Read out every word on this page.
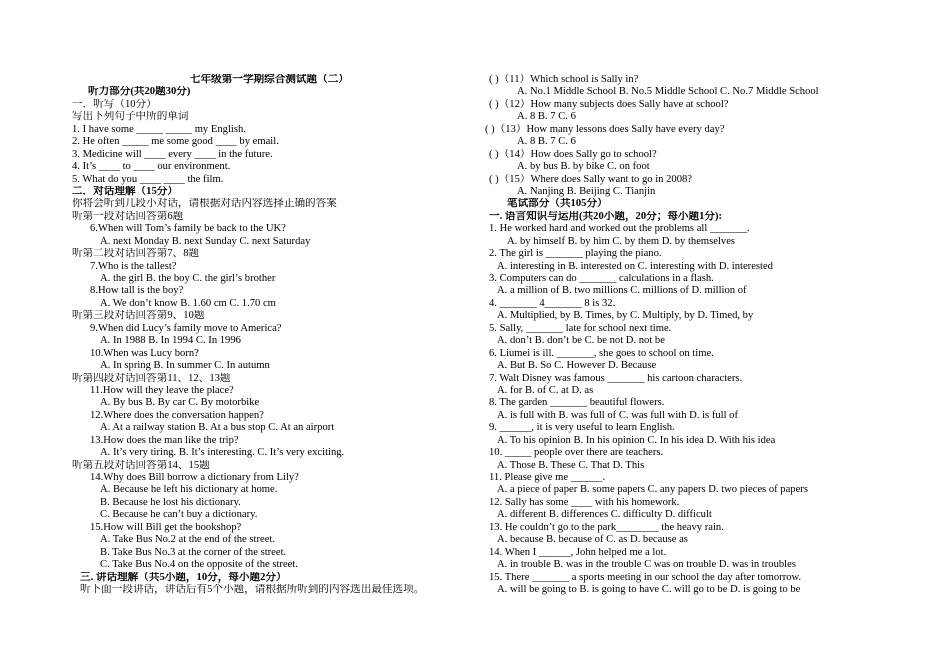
七年级第一学期综合测试题（二）
听力部分(共20题30分)
一．听写（10分）
写出下列句子中所的单词
1. I have some _____ _____ my English.
2. He often _____ me some good ____ by email.
3. Medicine will ____ every ____ in the future.
4. It’s ____ to ____ our environment.
5. What do you ____ ____ the film.
二．对话理解（15分）
你将会听到几段小对话，请根据对话内容选择正确的答案
听第一段对话回答第6题
6.When will Tom’s family be back to the UK?
A. next Monday B. next Sunday C. next Saturday
听第二段对话回答第7、8题
7.Who is the tallest?
A. the girl B. the boy C. the girl’s brother
8.How tall is the boy?
A. We don’t know B. 1.60 cm C. 1.70 cm
听第三段对话回答第9、10题
9.When did Lucy’s family move to America?
A. In 1988 B. In 1994 C. In 1996
10.When was Lucy born?
A. In spring B. In summer C. In autumn
听第四段对话回答第11、12、13题
11.How will they leave the place?
A. By bus B. By car C. By motorbike
12.Where does the conversation happen?
A. At a railway station B. At a bus stop C. At an airport
13.How does the man like the trip?
A. It’s very tiring. B. It’s interesting. C. It’s very exciting.
听第五段对话回答第14、15题
14.Why does Bill borrow a dictionary from Lily?
A. Because he left his dictionary at home.
B. Because he lost his dictionary.
C. Because he can’t buy a dictionary.
15.How will Bill get the bookshop?
A. Take Bus No.2 at the end of the street.
B. Take Bus No.3 at the corner of the street.
C. Take Bus No.4 on the opposite of the street.
三. 讲话理解（共5小题，10分，每小题2分）
听下面一段讲话，讲话后有5个小题，请根据所听到的内容选出最佳选项。
( )（11）Which school is Sally in?
A. No.1 Middle School B. No.5 Middle School C. No.7 Middle School
( )（12）How many subjects does Sally have at school?
A. 8 B. 7 C. 6
( )（13）How many lessons does Sally have every day?
A. 8 B. 7 C. 6
( )（14）How does Sally go to school?
A. by bus B. by bike C. on foot
( )（15）Where does Sally want to go in 2008?
A. Nanjing B. Beijing C. Tianjin
笔试部分（共105分）
一. 语言知识与运用(共20小题，20分；每小题1分):
1. He worked hard and worked out the problems all _______.
A. by himself B. by him C. by them D. by themselves
2. The girl is _______ playing the piano.
A. interesting in B. interested on C. interesting with D. interested
3. Computers can do _______ calculations in a flash.
A. a million of B. two millions C. millions of D. million of
4. _______ 4_______ 8 is 32.
A. Multiplied, by B. Times, by C. Multiply, by D. Timed, by
5. Sally, _______ late for school next time.
A. don’t B. don’t be C. be not D. not be
6. Liumei is ill. _______, she goes to school on time.
A. But B. So C. However D. Because
7. Walt Disney was famous _______ his cartoon characters.
A. for B. of C. at D. as
8. The garden _______ beautiful flowers.
A. is full with B. was full of C. was full with D. is full of
9. ______, it is very useful to learn English.
A. To his opinion B. In his opinion C. In his idea D. With his idea
10. _____ people over there are teachers.
A. Those B. These C. That D. This
11. Please give me ______.
A. a piece of paper B. some papers C. any papers D. two pieces of papers
12. Sally has some ____ with his homework.
A. different B. differences C. difficulty D. difficult
13. He couldn’t go to the park________ the heavy rain.
A. because B. because of C. as D. because as
14. When I ______, John helped me a lot.
A. in trouble B. was in the trouble C was on trouble D. was in troubles
15. There _______ a sports meeting in our school the day after tomorrow.
A. will be going to B. is going to have C. will go to be D. is going to be
